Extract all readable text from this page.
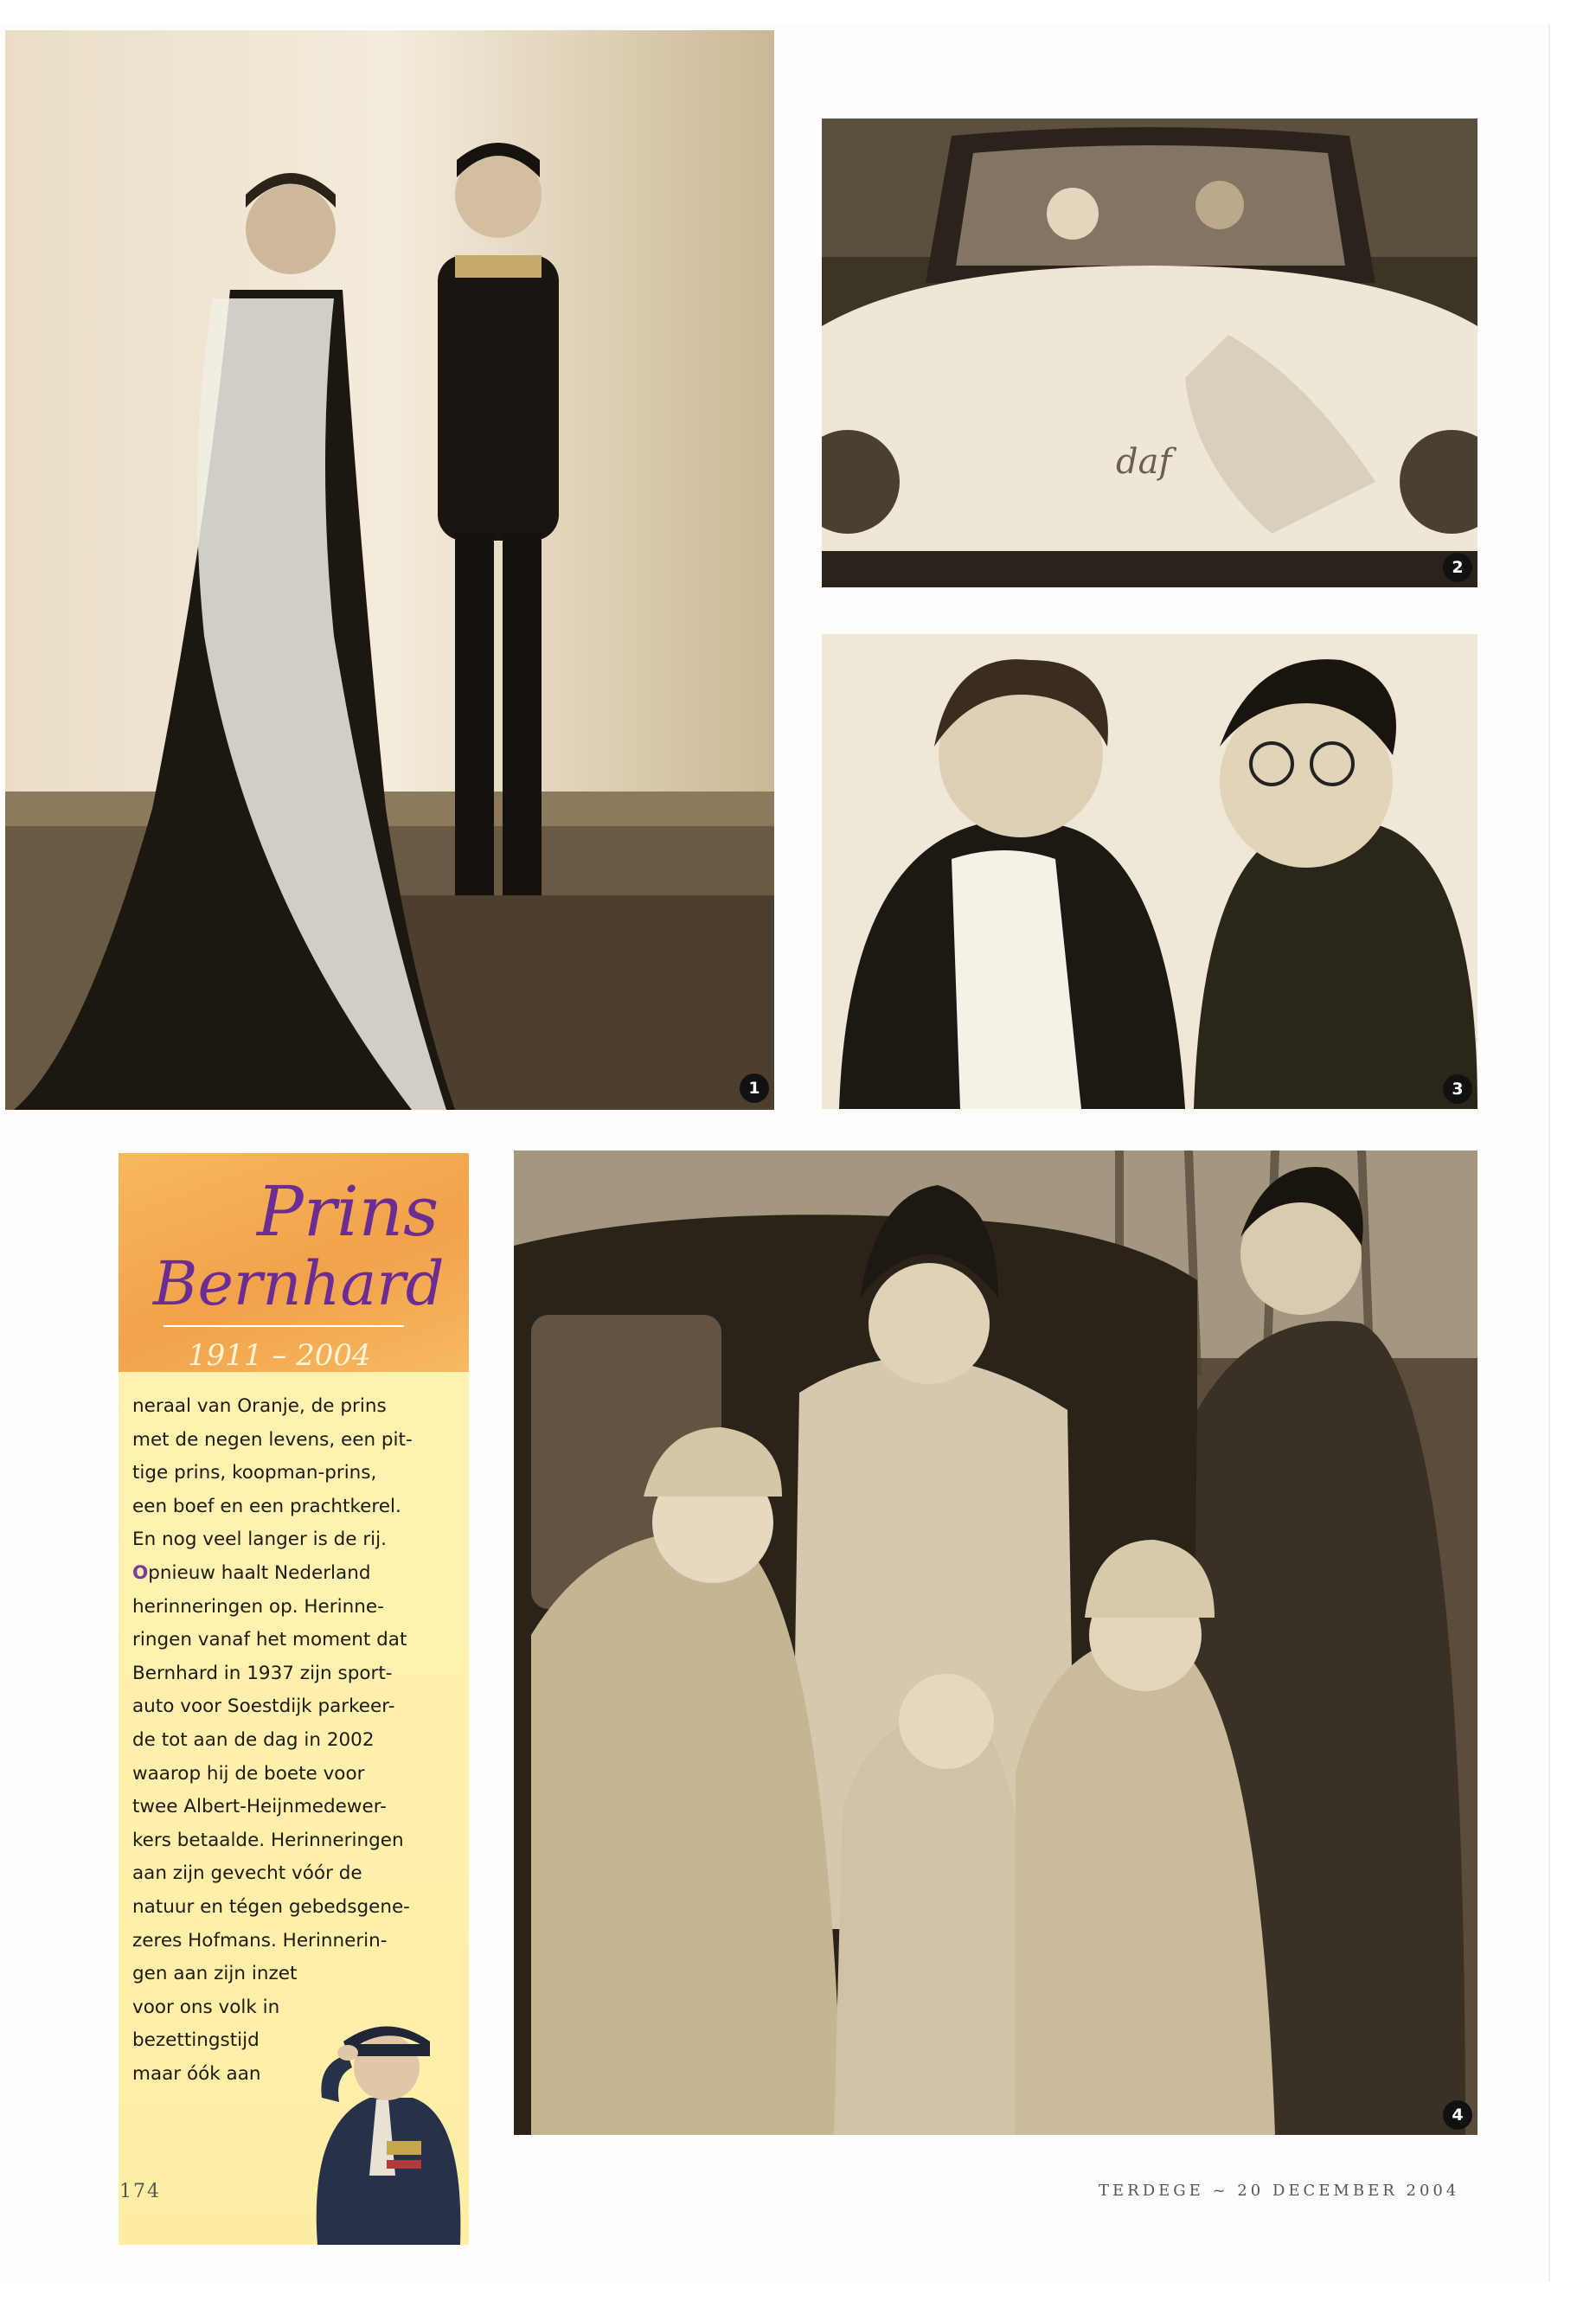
1
daf
2
3
4
Prins
Bernhard
1911 – 2004
neraal van Oranje, de prins
met de negen levens, een pit-
tige prins, koopman-prins,
een boef en een prachtkerel.
En nog veel langer is de rij.
Opnieuw haalt Nederland
herinneringen op. Herinne-
ringen vanaf het moment dat
Bernhard in 1937 zijn sport-
auto voor Soestdijk parkeer-
de tot aan de dag in 2002
waarop hij de boete voor
twee Albert-Heijnmedewer-
kers betaalde. Herinneringen
aan zijn gevecht vóór de
natuur en tégen gebedsgene-
zeres Hofmans. Herinnerin-
gen aan zijn inzet
voor ons volk in
bezettingstijd
maar óók aan
174	TERDEGE ~ 20 DECEMBER 2004
